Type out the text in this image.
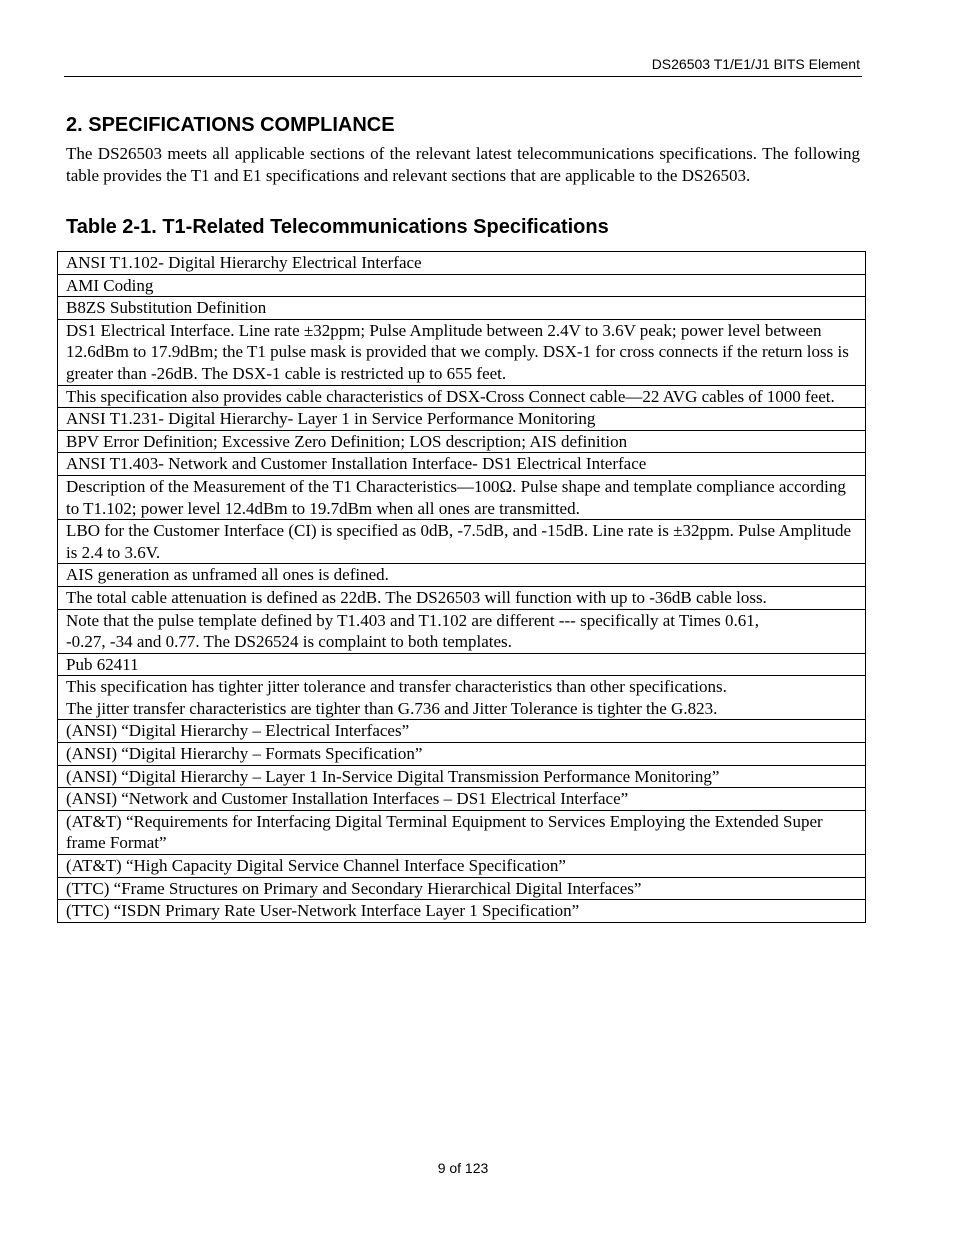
DS26503 T1/E1/J1 BITS Element
2. SPECIFICATIONS COMPLIANCE

The DS26503 meets all applicable sections of the relevant latest telecommunications specifications. The following table provides the T1 and E1 specifications and relevant sections that are applicable to the DS26503.

Table 2-1. T1-Related Telecommunications Specifications
ANSI T1.102- Digital Hierarchy Electrical Interface
AMI Coding
B8ZS Substitution Definition
DS1 Electrical Interface. Line rate ±32ppm; Pulse Amplitude between 2.4V to 3.6V peak; power level between 12.6dBm to 17.9dBm; the T1 pulse mask is provided that we comply. DSX-1 for cross connects if the return loss is greater than -26dB. The DSX-1 cable is restricted up to 655 feet.
This specification also provides cable characteristics of DSX-Cross Connect cable—22 AVG cables of 1000 feet.
ANSI T1.231- Digital Hierarchy- Layer 1 in Service Performance Monitoring
BPV Error Definition; Excessive Zero Definition; LOS description; AIS definition
ANSI T1.403- Network and Customer Installation Interface- DS1 Electrical Interface
Description of the Measurement of the T1 Characteristics—100Ω. Pulse shape and template compliance according to T1.102; power level 12.4dBm to 19.7dBm when all ones are transmitted.
LBO for the Customer Interface (CI) is specified as 0dB, -7.5dB, and -15dB. Line rate is ±32ppm. Pulse Amplitude is 2.4 to 3.6V.
AIS generation as unframed all ones is defined.
The total cable attenuation is defined as 22dB. The DS26503 will function with up to -36dB cable loss.
Note that the pulse template defined by T1.403 and T1.102 are different --- specifically at Times 0.61,
-0.27, -34 and 0.77. The DS26524 is complaint to both templates.
Pub 62411
This specification has tighter jitter tolerance and transfer characteristics than other specifications.
The jitter transfer characteristics are tighter than G.736 and Jitter Tolerance is tighter the G.823.
(ANSI) “Digital Hierarchy – Electrical Interfaces”
(ANSI) “Digital Hierarchy – Formats Specification”
(ANSI) “Digital Hierarchy – Layer 1 In-Service Digital Transmission Performance Monitoring”
(ANSI) “Network and Customer Installation Interfaces – DS1 Electrical Interface”
(AT&T) “Requirements for Interfacing Digital Terminal Equipment to Services Employing the Extended Super frame Format”
(AT&T) “High Capacity Digital Service Channel Interface Specification”
(TTC) “Frame Structures on Primary and Secondary Hierarchical Digital Interfaces”
(TTC) “ISDN Primary Rate User-Network Interface Layer 1 Specification”
9 of 123
